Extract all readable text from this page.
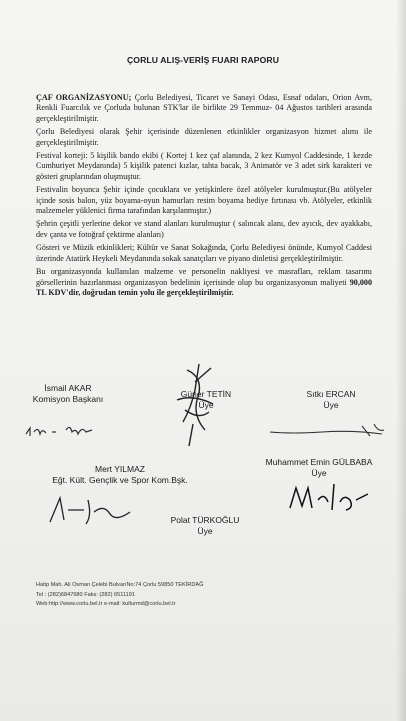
ÇORLU ALIŞ-VERİŞ FUARI RAPORU

ÇAF ORGANİZASYONU; Çorlu Belediyesi, Ticaret ve Sanayi Odası, Esnaf odaları, Orion Avm, Renkli Fuarcılık ve Çorluda bulunan STK'lar ile birlikte 29 Temmuz- 04 Ağustos tarihleri arasında gerçekleştirilmiştir.

Çorlu Belediyesi olarak Şehir içerisinde düzenlenen etkinlikler organizasyon hizmet alımı ile gerçekleştirilmiştir.

Festival korteji: 5 kişilik bando ekibi ( Kortej 1 kez çaf alanında, 2 kez Kumyol Caddesinde, 1 kezde Cumhuriyet Meydanında) 5 kişilik patenci kızlar, tahta bacak, 3 Animatör ve 3 adet sirk karakteri ve gösteri gruplarından oluşmuştur.

Festivalin boyunca Şehir içinde çocuklara ve yetişkinlere özel atölyeler kurulmuştur.(Bu atölyeler içinde sosis balon, yüz boyama-oyun hamurları resim boyama hediye fırtınası vb. Atölyeler, etkinlik malzemeler yüklenici firma tarafından karşılanmıştır.)

Şehrin çeşitli yerlerine dekor ve stand alanları kurulmuştur ( salıncak alanı, dev ayıcık, dev ayakkabı, dev çanta ve fotoğraf çektirme alanları)

Gösteri ve Müzik etkinlikleri; Kültür ve Sanat Sokağında, Çorlu Belediyesi önünde, Kumyol Caddesi üzerinde Atatürk Heykeli Meydanında sokak sanatçıları ve piyano dinletisi gerçekleştirilmiştir.

Bu organizasyonda kullanılan malzeme ve personelin nakliyesi ve masrafları, reklam tasarımı görsellerinin hazırlanması organizasyon bedelinin içerisinde olup bu organizasyonun maliyeti 90,000 TL KDV'dir, doğrudan temin yolu ile gerçekleştirilmiştir.

İsmail AKAR
Komisyon Başkanı	Güner TETİN
Üye
Sıtkı ERCAN
Üye
Mert YILMAZ
Eğt. Kült. Gençlik ve Spor Kom.Bşk.
Muhammet Emin GÜLBABA
Üye
Polat TÜRKOĞLU
Üye
Hatip Mah. Ali Osman Çelebi BulvarıNo:74 Çorlu 59850 TEKİRDAĞ
Tel : (282)6847680 Faks: (282) 6511191
Web:http://www.corlu.bel.tr e-mail: kulturmd@corlu.bel.tr
